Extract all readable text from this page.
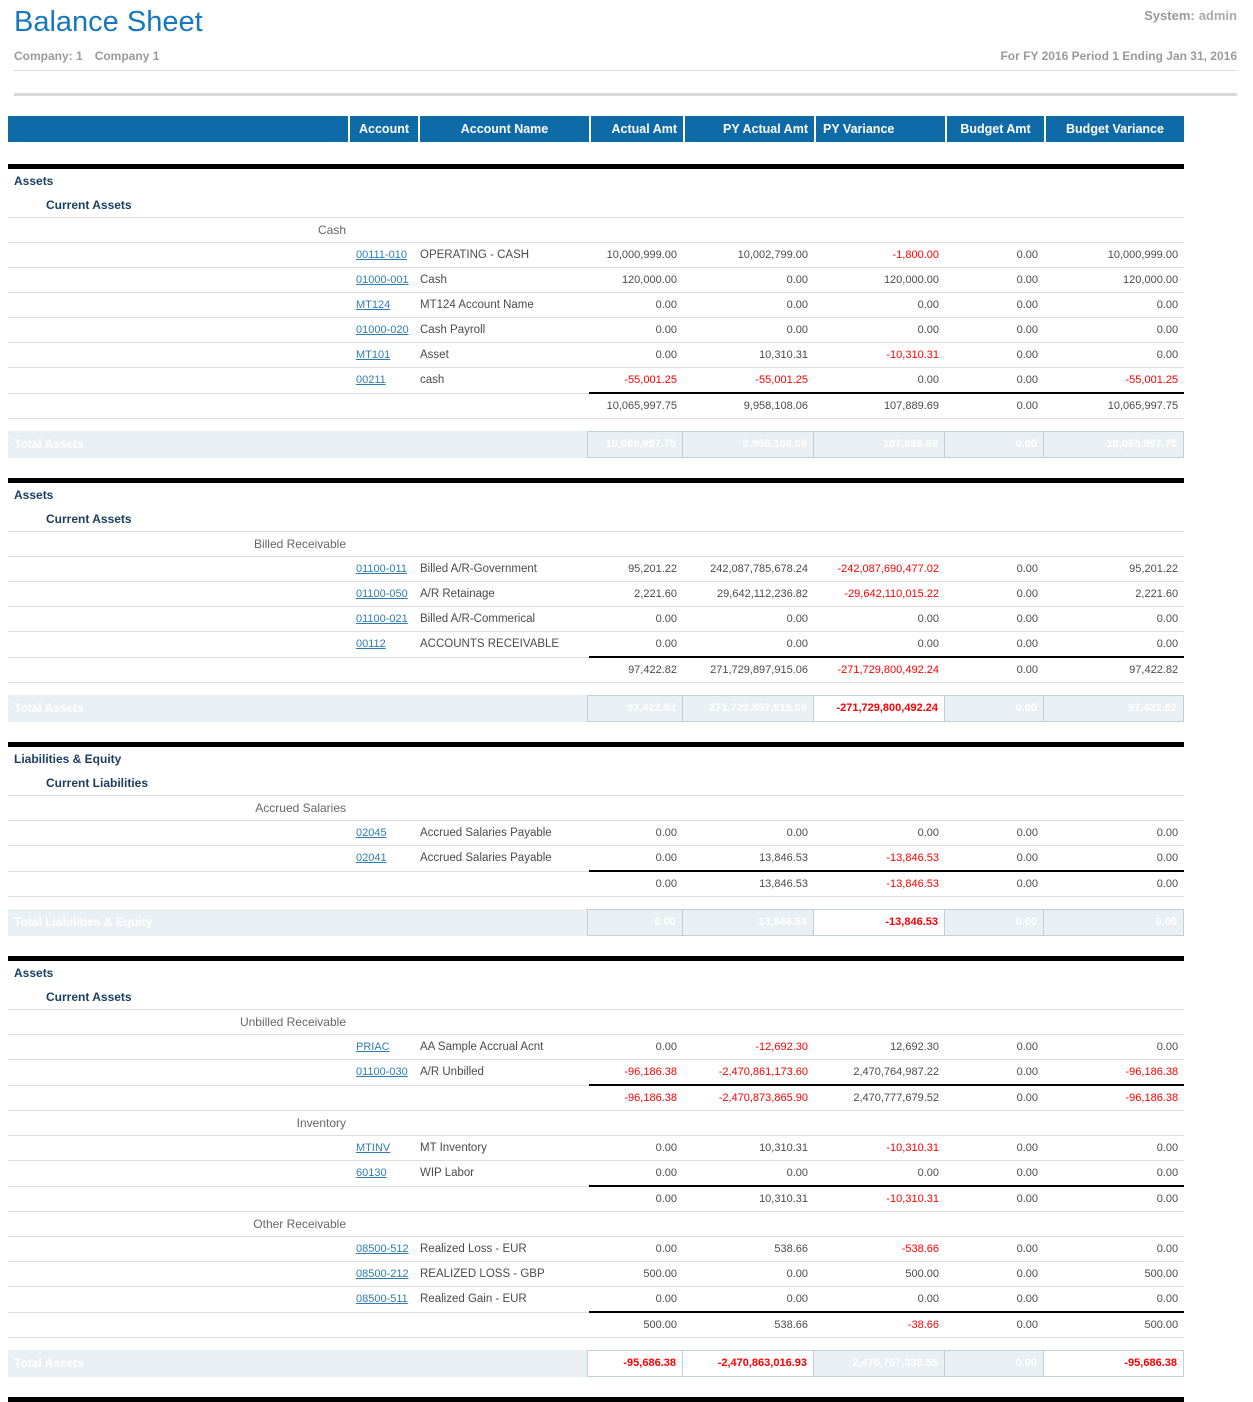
Balance Sheet	System: admin
Company: 1 Company 1	For FY 2016 Period 1 Ending Jan 31, 2016
Account	Account Name	Actual Amt	PY Actual Amt	PY Variance	Budget Amt	Budget Variance
Assets							
Current Assets							
Cash							
	00111-010	OPERATING - CASH	10,000,999.00	10,002,799.00	-1,800.00	0.00	10,000,999.00
	01000-001	Cash	120,000.00	0.00	120,000.00	0.00	120,000.00
	MT124	MT124 Account Name	0.00	0.00	0.00	0.00	0.00
	01000-020	Cash Payroll	0.00	0.00	0.00	0.00	0.00
	MT101	Asset	0.00	10,310.31	-10,310.31	0.00	0.00
	00211	cash	-55,001.25	-55,001.25	0.00	0.00	-55,001.25
			10,065,997.75	9,958,108.06	107,889.69	0.00	10,065,997.75
Total Assets	10,065,997.75	9,958,108.06	107,889.69	0.00	10,065,997.75
Assets							
Current Assets							
Billed Receivable							
	01100-011	Billed A/R-Government	95,201.22	242,087,785,678.24	-242,087,690,477.02	0.00	95,201.22
	01100-050	A/R Retainage	2,221.60	29,642,112,236.82	-29,642,110,015.22	0.00	2,221.60
	01100-021	Billed A/R-Commerical	0.00	0.00	0.00	0.00	0.00
	00112	ACCOUNTS RECEIVABLE	0.00	0.00	0.00	0.00	0.00
			97,422.82	271,729,897,915.06	-271,729,800,492.24	0.00	97,422.82
Total Assets	97,422.82	271,729,897,915.06	-271,729,800,492.24	0.00	97,422.82
Liabilities & Equity							
Current Liabilities							
Accrued Salaries							
	02045	Accrued Salaries Payable	0.00	0.00	0.00	0.00	0.00
	02041	Accrued Salaries Payable	0.00	13,846.53	-13,846.53	0.00	0.00
			0.00	13,846.53	-13,846.53	0.00	0.00
Total Liabilities & Equity	0.00	13,846.53	-13,846.53	0.00	0.00
Assets							
Current Assets							
Unbilled Receivable							
	PRIAC	AA Sample Accrual Acnt	0.00	-12,692.30	12,692.30	0.00	0.00
	01100-030	A/R Unbilled	-96,186.38	-2,470,861,173.60	2,470,764,987.22	0.00	-96,186.38
			-96,186.38	-2,470,873,865.90	2,470,777,679.52	0.00	-96,186.38
Inventory							
	MTINV	MT Inventory	0.00	10,310.31	-10,310.31	0.00	0.00
	60130	WIP Labor	0.00	0.00	0.00	0.00	0.00
			0.00	10,310.31	-10,310.31	0.00	0.00
Other Receivable							
	08500-512	Realized Loss - EUR	0.00	538.66	-538.66	0.00	0.00
	08500-212	REALIZED LOSS - GBP	500.00	0.00	500.00	0.00	500.00
	08500-511	Realized Gain - EUR	0.00	0.00	0.00	0.00	0.00
			500.00	538.66	-38.66	0.00	500.00
Total Assets	-95,686.38	-2,470,863,016.93	2,470,767,330.55	0.00	-95,686.38
